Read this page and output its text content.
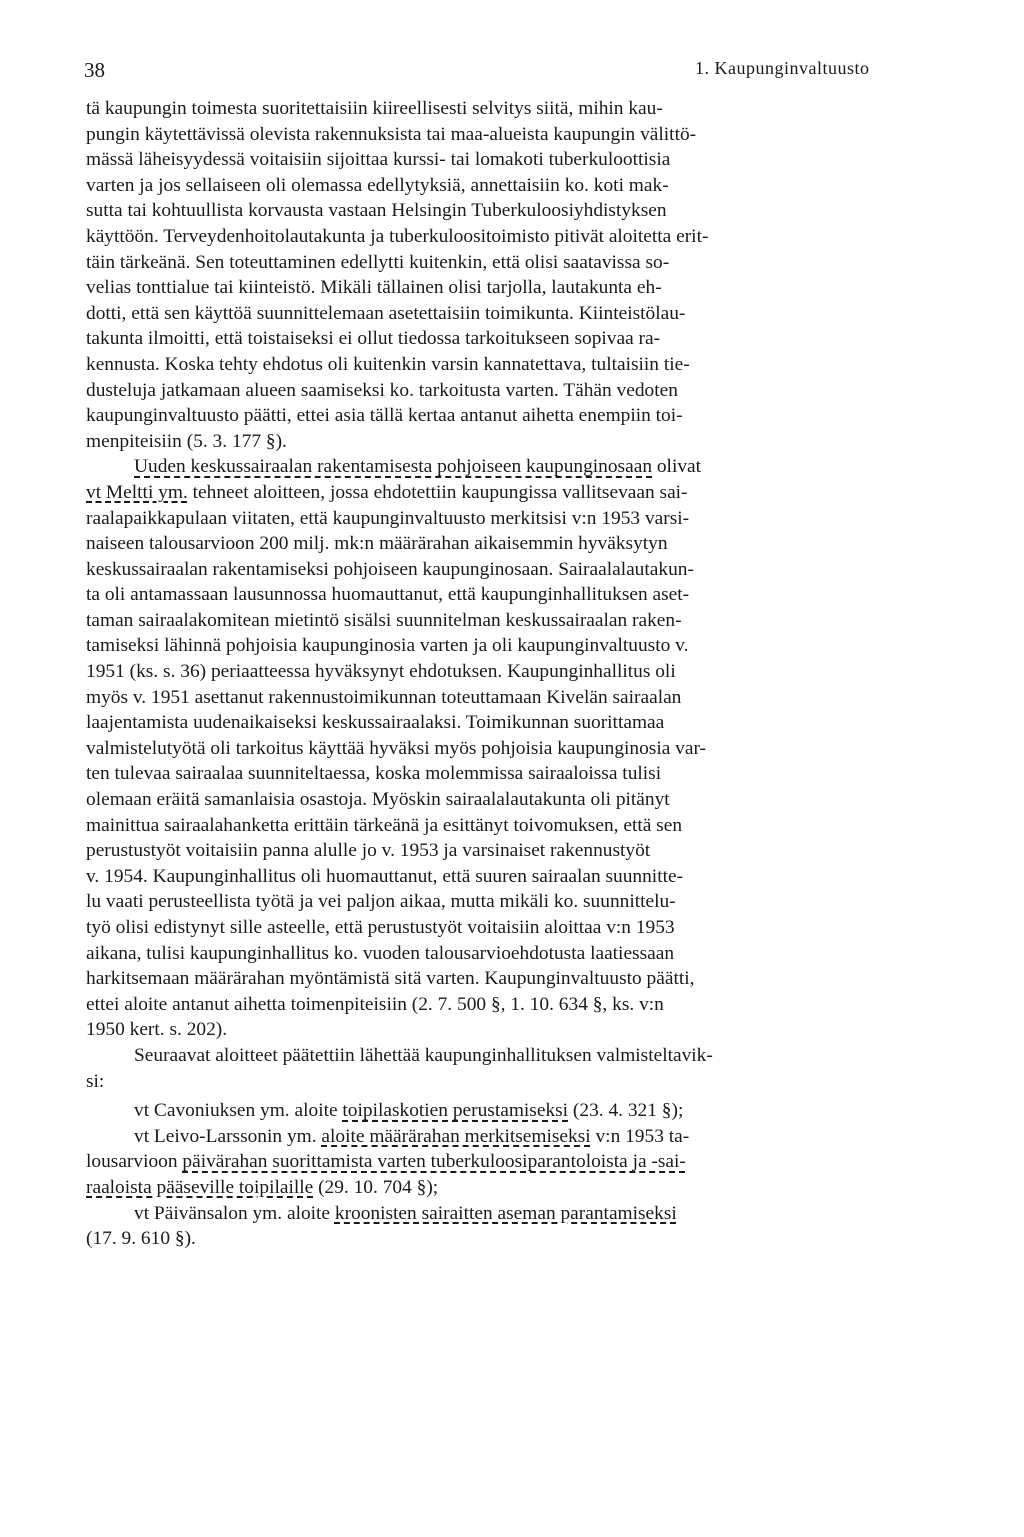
38	1. Kaupunginvaltuusto
tä kaupungin toimesta suoritettaisiin kiireellisesti selvitys siitä, mihin kau-
pungin käytettävissä olevista rakennuksista tai maa-alueista kaupungin välittö-
mässä läheisyydessä voitaisiin sijoittaa kurssi- tai lomakoti tuberkuloottisia
varten ja jos sellaiseen oli olemassa edellytyksiä, annettaisiin ko. koti mak-
sutta tai kohtuullista korvausta vastaan Helsingin Tuberkuloosiyhdistyksen
käyttöön. Terveydenhoitolautakunta ja tuberkuloositoimisto pitivät aloitetta erit-
täin tärkeänä. Sen toteuttaminen edellytti kuitenkin, että olisi saatavissa so-
velias tonttialue tai kiinteistö. Mikäli tällainen olisi tarjolla, lautakunta eh-
dotti, että sen käyttöä suunnittelemaan asetettaisiin toimikunta. Kiinteistölau-
takunta ilmoitti, että toistaiseksi ei ollut tiedossa tarkoitukseen sopivaa ra-
kennusta. Koska tehty ehdotus oli kuitenkin varsin kannatettava, tultaisiin tie-
dusteluja jatkamaan alueen saamiseksi ko. tarkoitusta varten. Tähän vedoten
kaupunginvaltuusto päätti, ettei asia tällä kertaa antanut aihetta enempiin toi-
menpiteisiin (5. 3. 177 §).
Uuden keskussairaalan rakentamisesta pohjoiseen kaupunginosaan olivat
vt Meltti ym. tehneet aloitteen, jossa ehdotettiin kaupungissa vallitsevaan sai-
raalapaikkapulaan viitaten, että kaupunginvaltuusto merkitsisi v:n 1953 varsi-
naiseen talousarvioon 200 milj. mk:n määrärahan aikaisemmin hyväksytyn
keskussairaalan rakentamiseksi pohjoiseen kaupunginosaan. Sairaalalautakun-
ta oli antamassaan lausunnossa huomauttanut, että kaupunginhallituksen aset-
taman sairaalakomitean mietintö sisälsi suunnitelman keskussairaalan raken-
tamiseksi lähinnä pohjoisia kaupunginosia varten ja oli kaupunginvaltuusto v.
1951 (ks. s. 36) periaatteessa hyväksynyt ehdotuksen. Kaupunginhallitus oli
myös v. 1951 asettanut rakennustoimikunnan toteuttamaan Kivelän sairaalan
laajentamista uudenaikaiseksi keskussairaalaksi. Toimikunnan suorittamaa
valmistelutyötä oli tarkoitus käyttää hyväksi myös pohjoisia kaupunginosia var-
ten tulevaa sairaalaa suunniteltaessa, koska molemmissa sairaaloissa tulisi
olemaan eräitä samanlaisia osastoja. Myöskin sairaalalautakunta oli pitänyt
mainittua sairaalahanketta erittäin tärkeänä ja esittänyt toivomuksen, että sen
perustustyöt voitaisiin panna alulle jo v. 1953 ja varsinaiset rakennustyöt
v. 1954. Kaupunginhallitus oli huomauttanut, että suuren sairaalan suunnitte-
lu vaati perusteellista työtä ja vei paljon aikaa, mutta mikäli ko. suunnittelu-
työ olisi edistynyt sille asteelle, että perustustyöt voitaisiin aloittaa v:n 1953
aikana, tulisi kaupunginhallitus ko. vuoden talousarvioehdotusta laatiessaan
harkitsemaan määrärahan myöntämistä sitä varten. Kaupunginvaltuusto päätti,
ettei aloite antanut aihetta toimenpiteisiin (2. 7. 500 §, 1. 10. 634 §, ks. v:n
1950 kert. s. 202).
Seuraavat aloitteet päätettiin lähettää kaupunginhallituksen valmisteltavik-
si:
vt Cavoniuksen ym. aloite toipilaskotien perustamiseksi (23. 4. 321 §);
vt Leivo-Larssonin ym. aloite määrärahan merkitsemiseksi v:n 1953 ta-
lousarvioon päivärahan suorittamista varten tuberkuloosiparantoloista ja -sai-
raaloista pääseville toipilaille (29. 10. 704 §);
vt Päivänsalon ym. aloite kroonisten sairaitten aseman parantamiseksi
(17. 9. 610 §).
